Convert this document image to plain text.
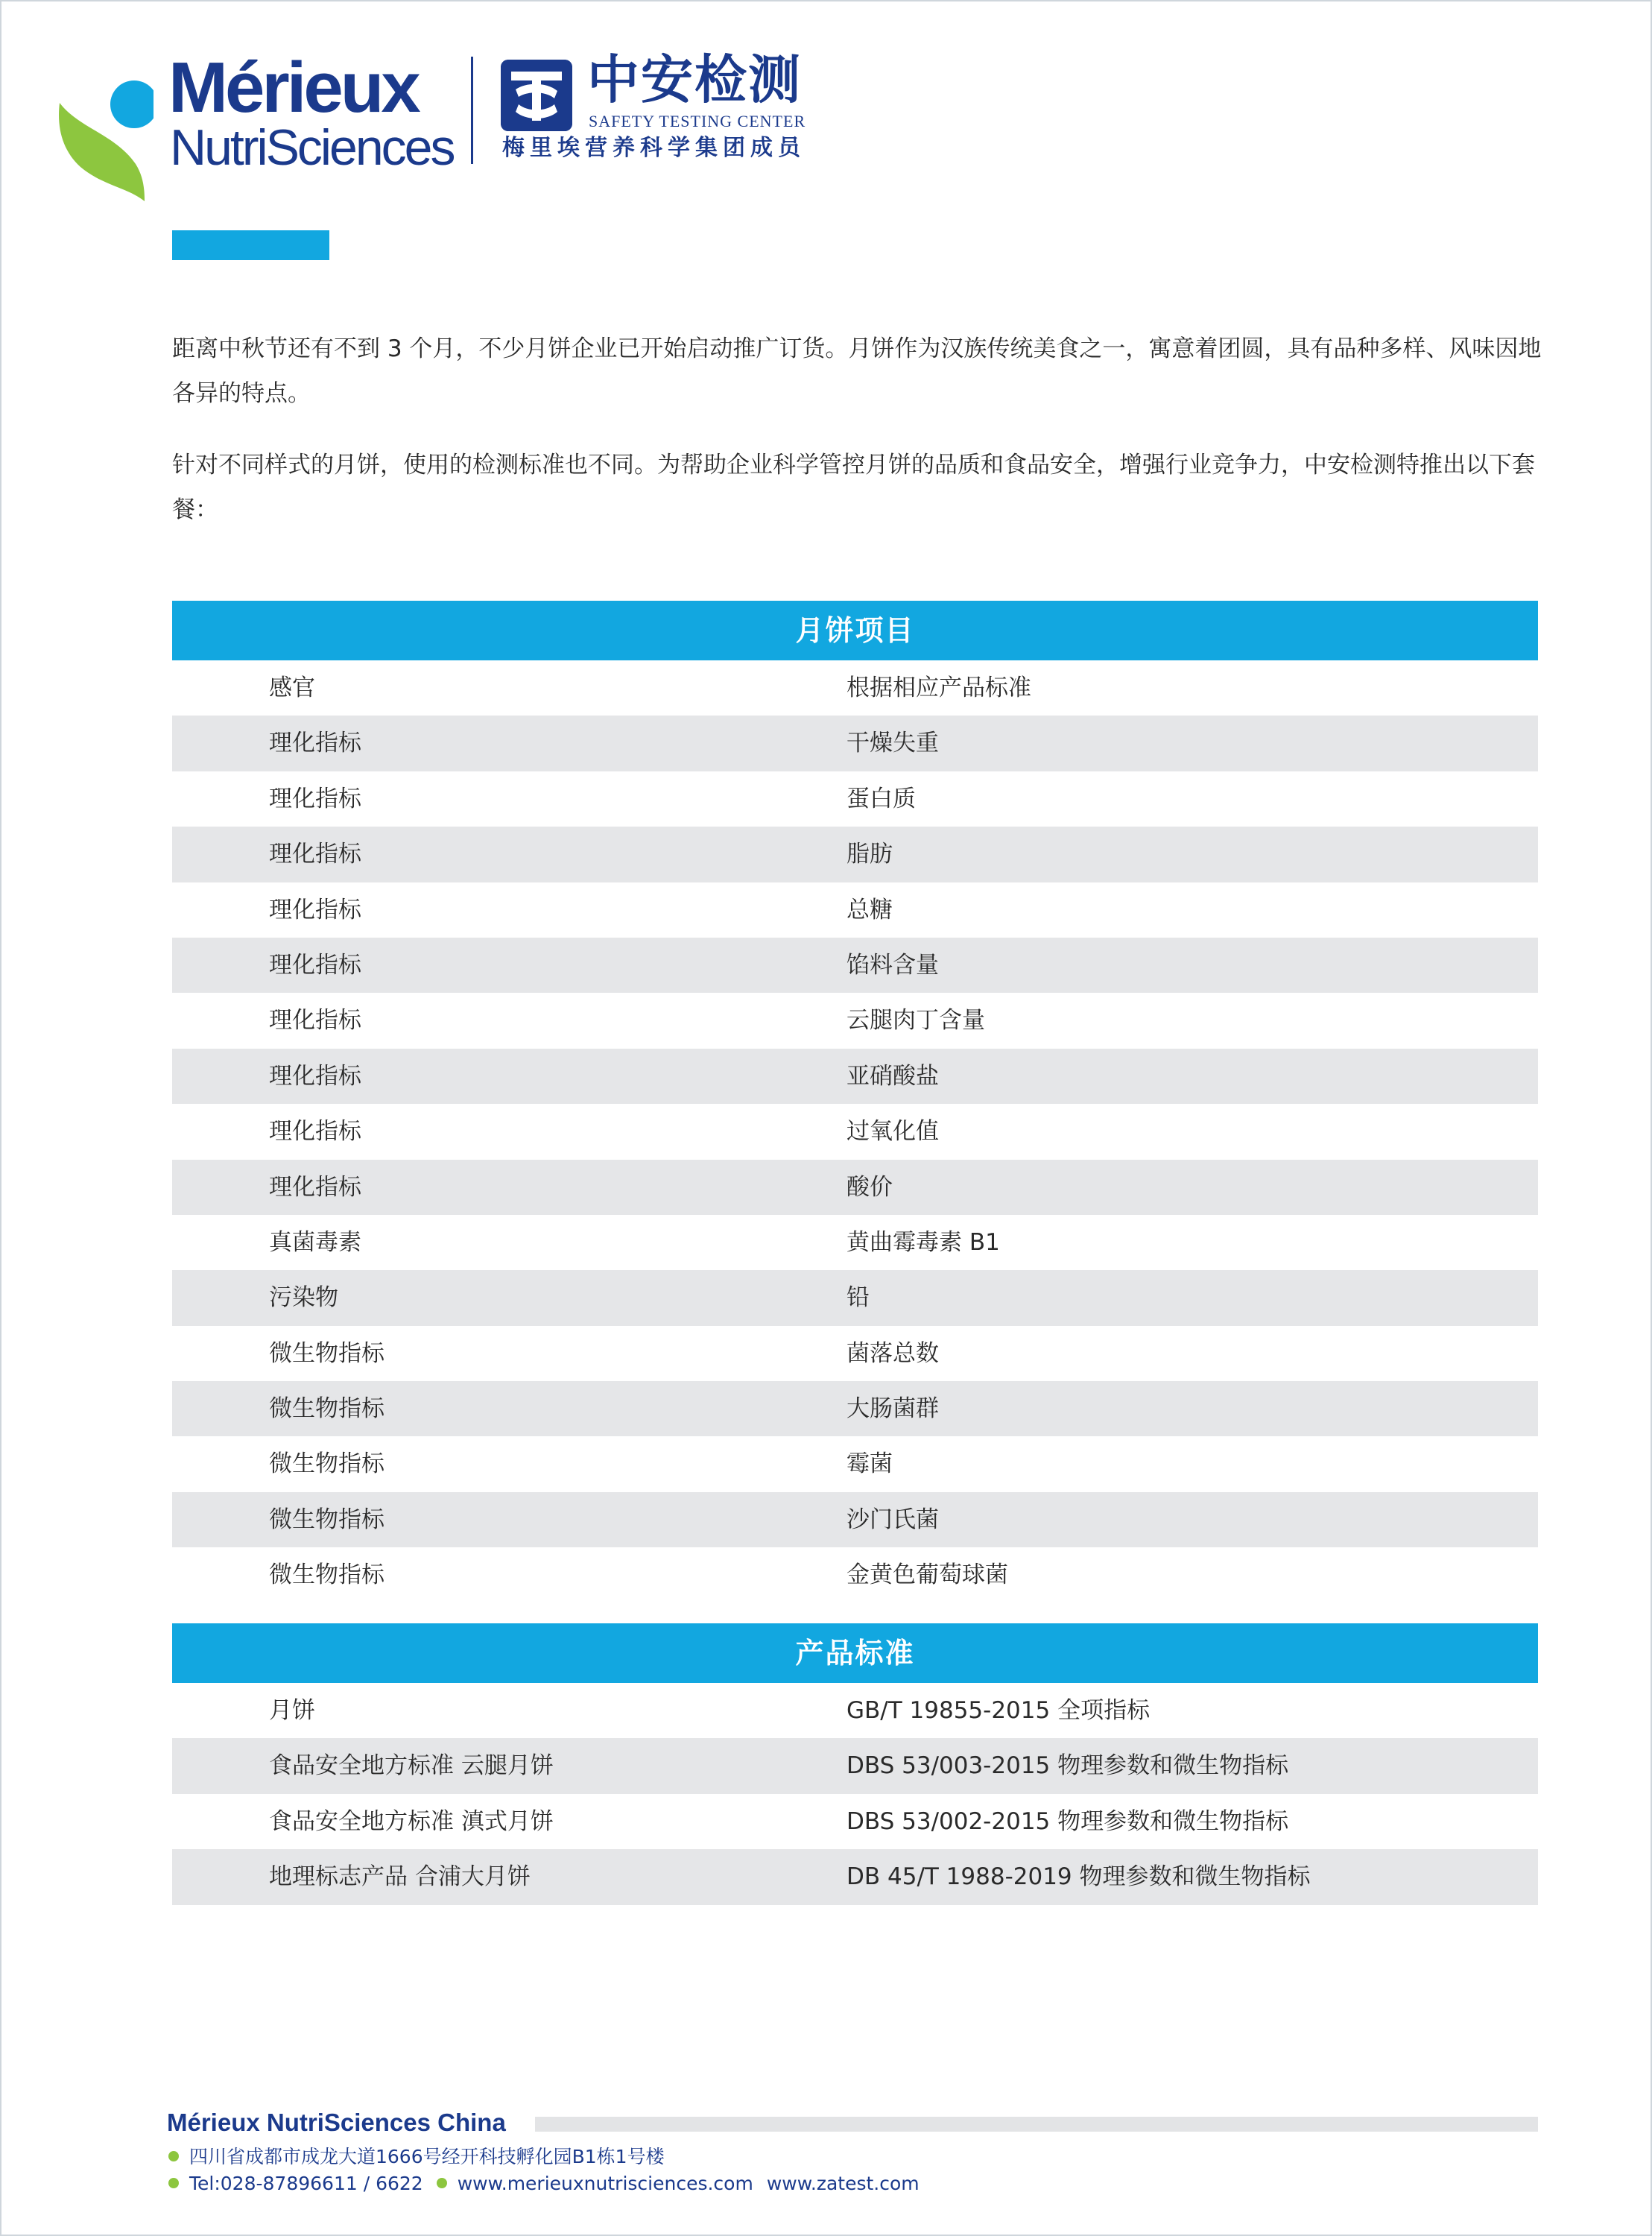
Mérieux
NutriSciences
中安检测
SAFETY TESTING CENTER
梅里埃营养科学集团成员

距离中秋节还有不到 3 个月，不少月饼企业已开始启动推广订货。月饼作为汉族传统美食之一，寓意着团圆，具有品种多样、风味因地各异的特点。

针对不同样式的月饼，使用的检测标准也不同。为帮助企业科学管控月饼的品质和食品安全，增强行业竞争力，中安检测特推出以下套餐：

月饼项目
感官	根据相应产品标准
理化指标	干燥失重
理化指标	蛋白质
理化指标	脂肪
理化指标	总糖
理化指标	馅料含量
理化指标	云腿肉丁含量
理化指标	亚硝酸盐
理化指标	过氧化值
理化指标	酸价
真菌毒素	黄曲霉毒素 B1
污染物	铅
微生物指标	菌落总数
微生物指标	大肠菌群
微生物指标	霉菌
微生物指标	沙门氏菌
微生物指标	金黄色葡萄球菌
产品标准
月饼	GB/T 19855-2015 全项指标
食品安全地方标准 云腿月饼	DBS 53/003-2015 物理参数和微生物指标
食品安全地方标准 滇式月饼	DBS 53/002-2015 物理参数和微生物指标
地理标志产品 合浦大月饼	DB 45/T 1988-2019 物理参数和微生物指标
Mérieux NutriSciences China
四川省成都市成龙大道1666号经开科技孵化园B1栋1号楼
Tel:028-87896611 / 6622 www.merieuxnutrisciences.com www.zatest.com
